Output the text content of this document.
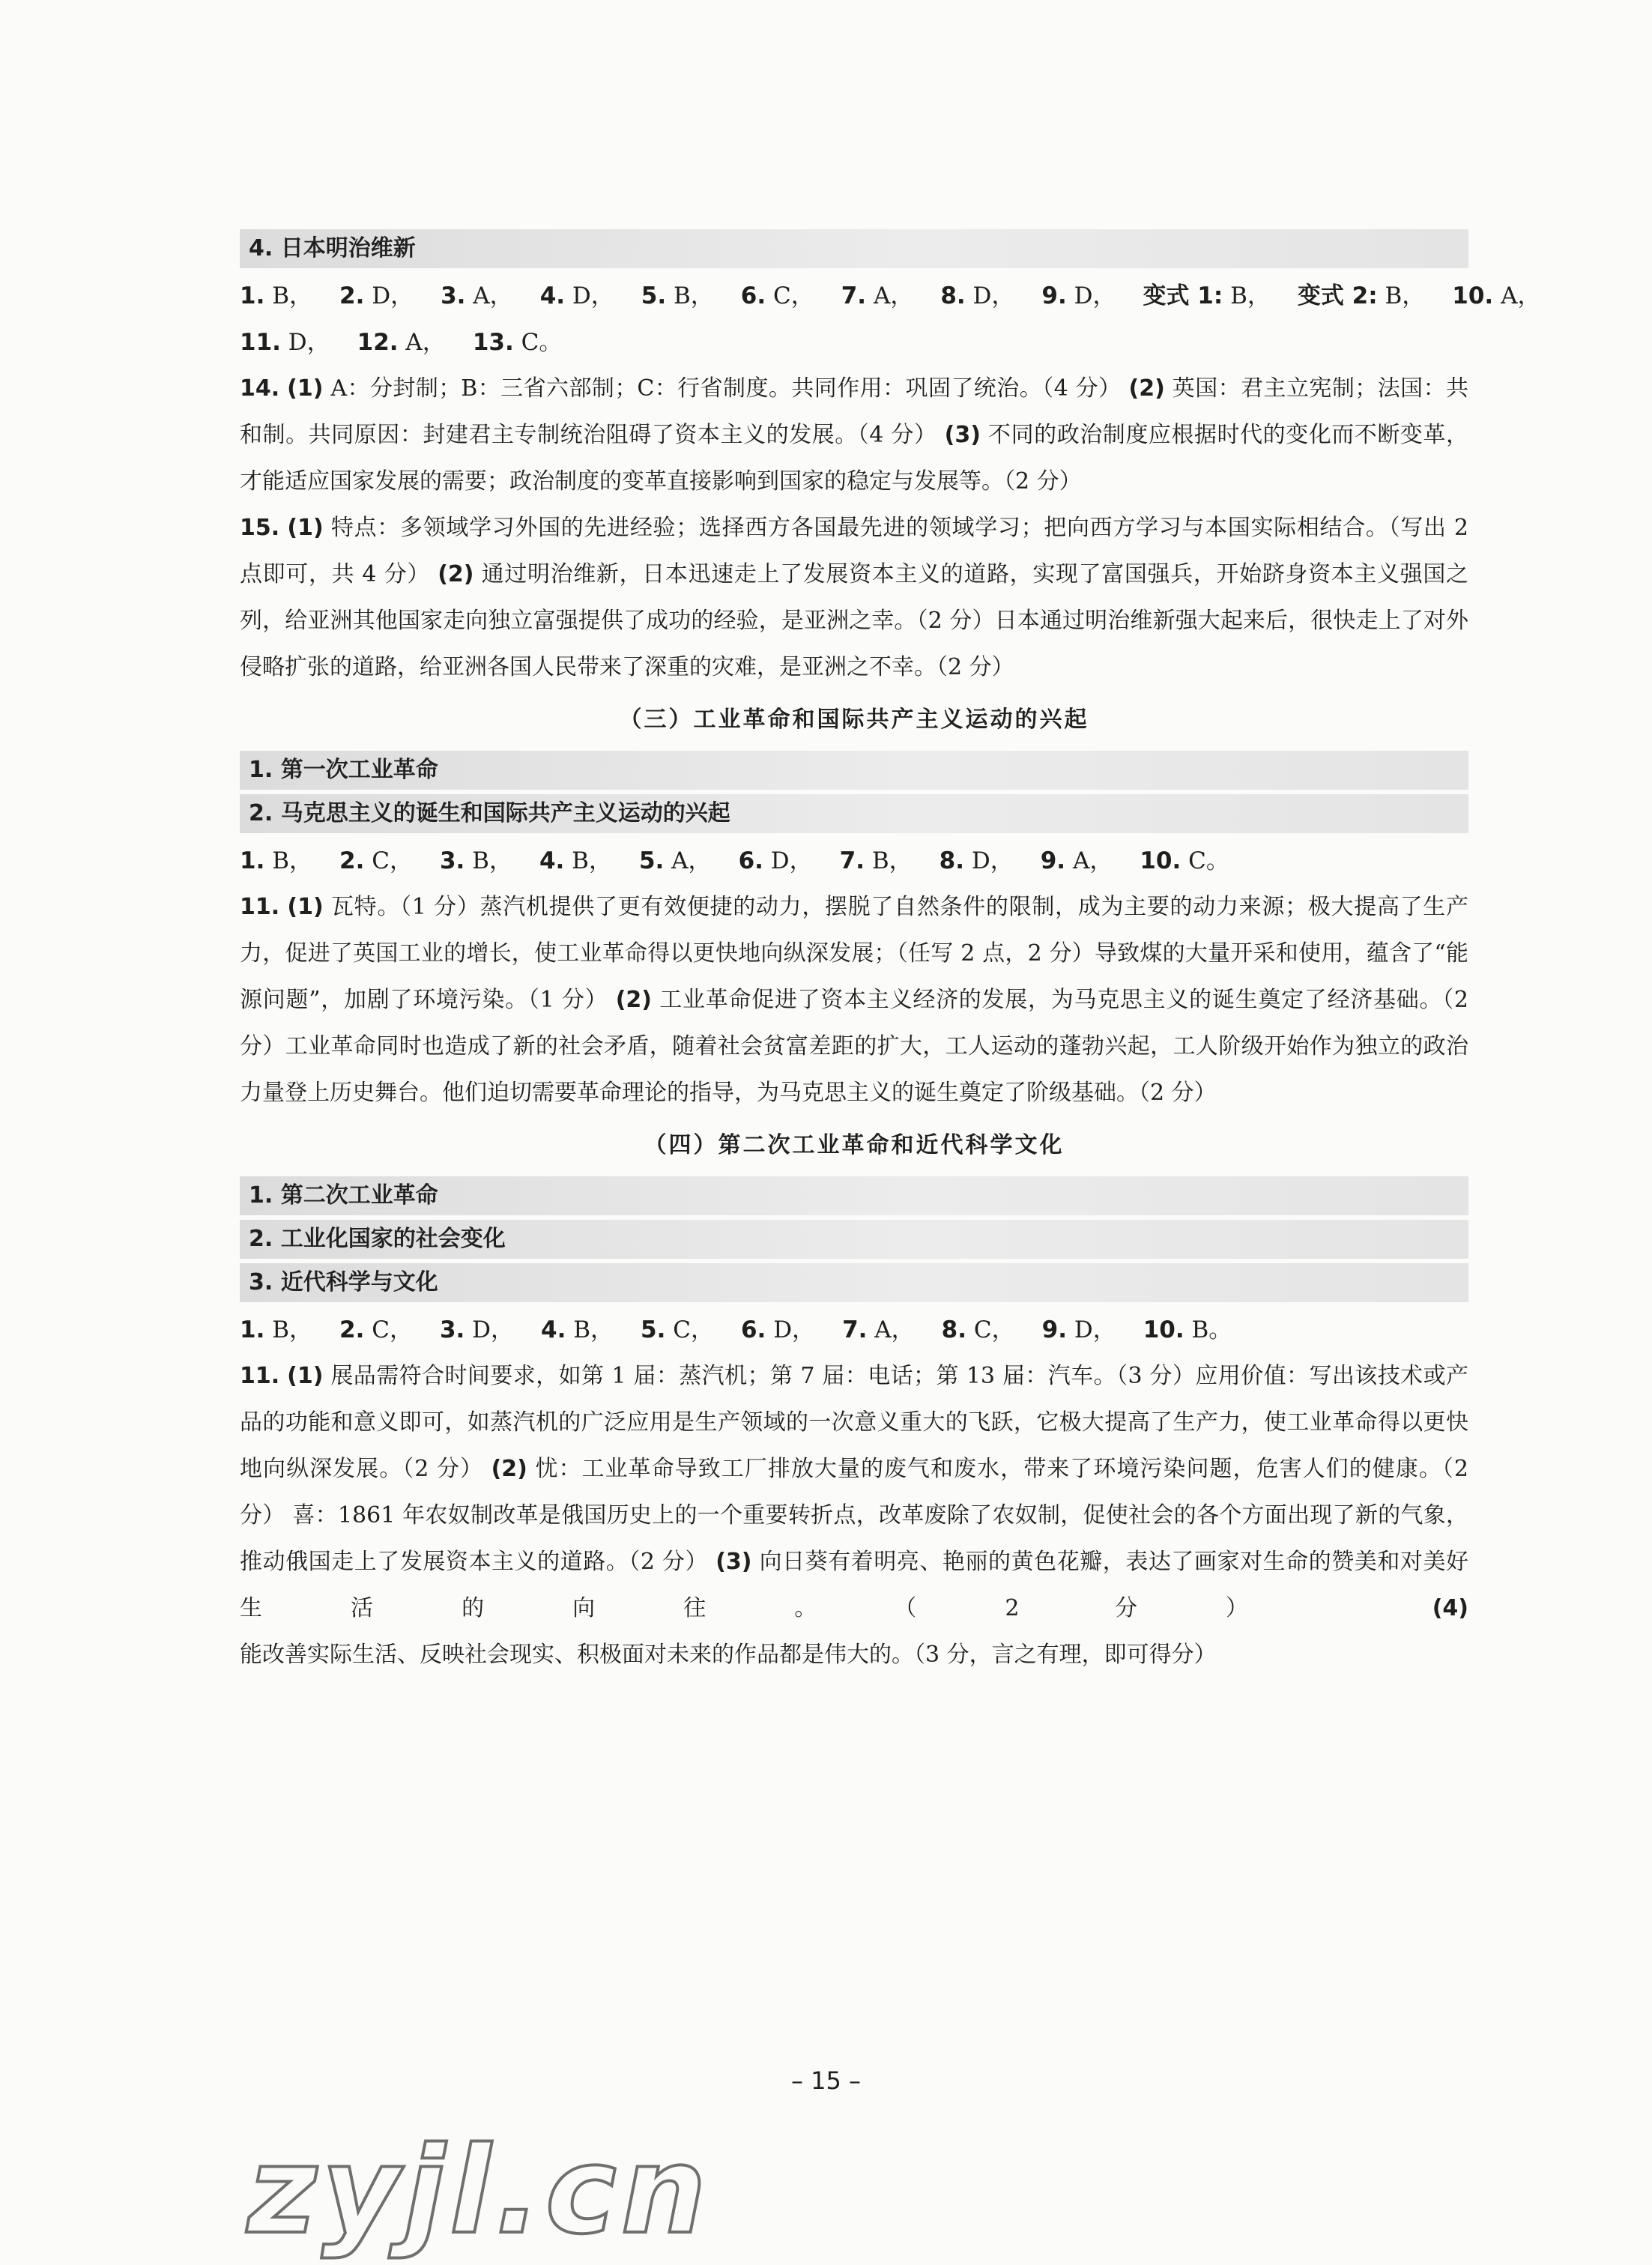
4. 日本明治维新
1. B， 2. D， 3. A， 4. D， 5. B， 6. C， 7. A， 8. D， 9. D， 变式 1: B， 变式 2: B， 10. A，
11. D， 12. A， 13. C。

14. (1) A：分封制；B：三省六部制；C：行省制度。共同作用：巩固了统治。（4 分） (2) 英国：君主立宪制；法国：共和制。共同原因：封建君主专制统治阻碍了资本主义的发展。（4 分） (3) 不同的政治制度应根据时代的变化而不断变革，才能适应国家发展的需要；政治制度的变革直接影响到国家的稳定与发展等。（2 分）

15. (1) 特点：多领域学习外国的先进经验；选择西方各国最先进的领域学习；把向西方学习与本国实际相结合。（写出 2 点即可，共 4 分） (2) 通过明治维新，日本迅速走上了发展资本主义的道路，实现了富国强兵，开始跻身资本主义强国之列，给亚洲其他国家走向独立富强提供了成功的经验，是亚洲之幸。（2 分）日本通过明治维新强大起来后，很快走上了对外侵略扩张的道路，给亚洲各国人民带来了深重的灾难，是亚洲之不幸。（2 分）

（三）工业革命和国际共产主义运动的兴起
1. 第一次工业革命
2. 马克思主义的诞生和国际共产主义运动的兴起
1. B， 2. C， 3. B， 4. B， 5. A， 6. D， 7. B， 8. D， 9. A， 10. C。

11. (1) 瓦特。（1 分）蒸汽机提供了更有效便捷的动力，摆脱了自然条件的限制，成为主要的动力来源；极大提高了生产力，促进了英国工业的增长，使工业革命得以更快地向纵深发展；（任写 2 点，2 分）导致煤的大量开采和使用，蕴含了“能源问题”，加剧了环境污染。（1 分） (2) 工业革命促进了资本主义经济的发展，为马克思主义的诞生奠定了经济基础。（2 分）工业革命同时也造成了新的社会矛盾，随着社会贫富差距的扩大，工人运动的蓬勃兴起，工人阶级开始作为独立的政治力量登上历史舞台。他们迫切需要革命理论的指导，为马克思主义的诞生奠定了阶级基础。（2 分）

（四）第二次工业革命和近代科学文化
1. 第二次工业革命
2. 工业化国家的社会变化
3. 近代科学与文化
1. B， 2. C， 3. D， 4. B， 5. C， 6. D， 7. A， 8. C， 9. D， 10. B。

11. (1) 展品需符合时间要求，如第 1 届：蒸汽机；第 7 届：电话；第 13 届：汽车。（3 分）应用价值：写出该技术或产品的功能和意义即可，如蒸汽机的广泛应用是生产领域的一次意义重大的飞跃，它极大提高了生产力，使工业革命得以更快地向纵深发展。（2 分） (2) 忧：工业革命导致工厂排放大量的废气和废水，带来了环境污染问题，危害人们的健康。（2 分） 喜：1861 年农奴制改革是俄国历史上的一个重要转折点，改革废除了农奴制，促使社会的各个方面出现了新的气象，推动俄国走上了发展资本主义的道路。（2 分） (3) 向日葵有着明亮、艳丽的黄色花瓣，表达了画家对生命的赞美和对美好生活的向往。（2 分） (4) 能改善实际生活、反映社会现实、积极面对未来的作品都是伟大的。（3 分，言之有理，即可得分）

– 15 –
zyjl.cn
